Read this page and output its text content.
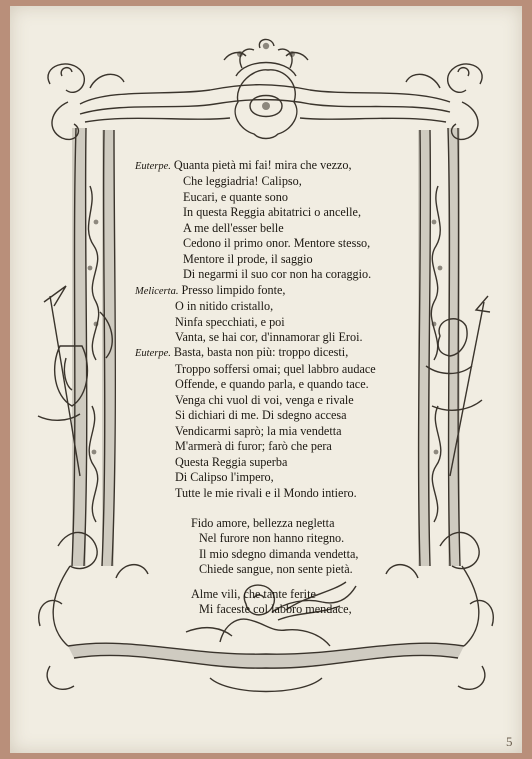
Euterpe. Quanta pietà mi fai! mira che vezzo,
Che leggiadria! Calipso,
Eucari, e quante sono
In questa Reggia abitatrici o ancelle,
A me dell'esser belle
Cedono il primo onor. Mentore stesso,
Mentore il prode, il saggio
Di negarmi il suo cor non ha coraggio.
Melicerta. Presso limpido fonte,
O in nitido cristallo,
Ninfa specchiati, e poi
Vanta, se hai cor, d'innamorar gli Eroi.
Euterpe. Basta, basta non più: troppo dicesti,
Troppo soffersi omai; quel labbro audace
Offende, e quando parla, e quando tace.
Venga chi vuol di voi, venga e rivale
Si dichiari di me. Di sdegno accesa
Vendicarmi saprò; la mia vendetta
M'armerà di furor; farò che pera
Questa Reggia superba
Di Calipso l'impero,
Tutte le mie rivali e il Mondo intiero.
Fido amore, bellezza negletta
Nel furore non hanno ritegno.
Il mio sdegno dimanda vendetta,
Chiede sangue, non sente pietà.
Alme vili, che tante ferite
Mi faceste col labbro mendace,
5
